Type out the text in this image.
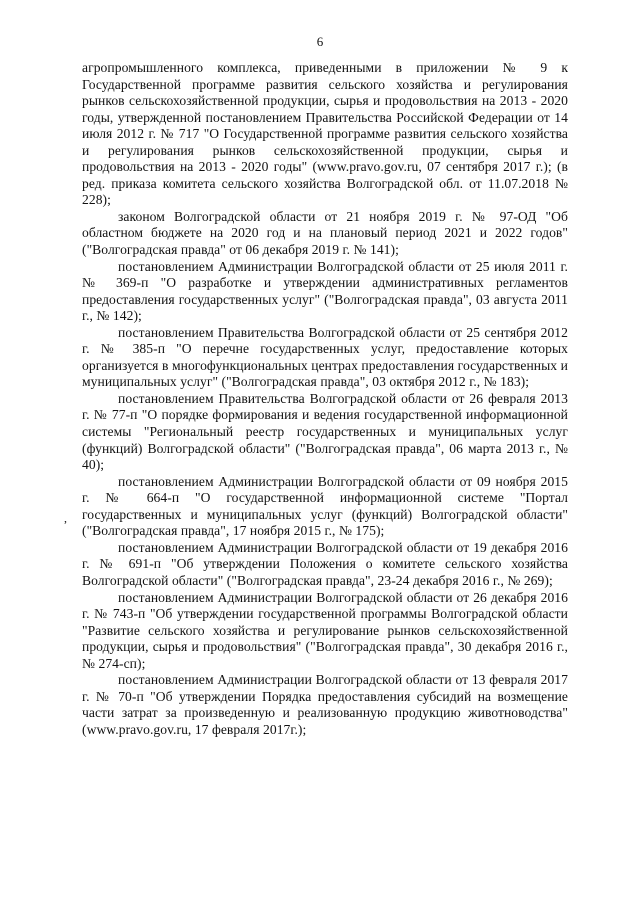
6
,

агропромышленного комплекса, приведенными в приложении № 9 к Государственной программе развития сельского хозяйства и регулирования рынков сельскохозяйственной продукции, сырья и продовольствия на 2013 - 2020 годы, утвержденной постановлением Правительства Российской Федерации от 14 июля 2012 г. № 717 "О Государственной программе развития сельского хозяйства и регулирования рынков сельскохозяйственной продукции, сырья и продовольствия на 2013 - 2020 годы" (www.pravo.gov.ru, 07 сентября 2017 г.); (в ред. приказа комитета сельского хозяйства Волгоградской обл. от 11.07.2018 № 228);

законом Волгоградской области от 21 ноября 2019 г. № 97-ОД "Об областном бюджете на 2020 год и на плановый период 2021 и 2022 годов" ("Волгоградская правда" от 06 декабря 2019 г. № 141);

постановлением Администрации Волгоградской области от 25 июля 2011 г. № 369-п "О разработке и утверждении административных регламентов предоставления государственных услуг" ("Волгоградская правда", 03 августа 2011 г., № 142);

постановлением Правительства Волгоградской области от 25 сентября 2012 г. № 385-п "О перечне государственных услуг, предоставление которых организуется в многофункциональных центрах предоставления государственных и муниципальных услуг" ("Волгоградская правда", 03 октября 2012 г., № 183);

постановлением Правительства Волгоградской области от 26 февраля 2013 г. № 77-п "О порядке формирования и ведения государственной информационной системы "Региональный реестр государственных и муниципальных услуг (функций) Волгоградской области" ("Волгоградская правда", 06 марта 2013 г., № 40);

постановлением Администрации Волгоградской области от 09 ноября 2015 г. № 664-п "О государственной информационной системе "Портал государственных и муниципальных услуг (функций) Волгоградской области" ("Волгоградская правда", 17 ноября 2015 г., № 175);

постановлением Администрации Волгоградской области от 19 декабря 2016 г. № 691-п "Об утверждении Положения о комитете сельского хозяйства Волгоградской области" ("Волгоградская правда", 23-24 декабря 2016 г., № 269);

постановлением Администрации Волгоградской области от 26 декабря 2016 г. № 743-п "Об утверждении государственной программы Волгоградской области "Развитие сельского хозяйства и регулирование рынков сельскохозяйственной продукции, сырья и продовольствия" ("Волгоградская правда", 30 декабря 2016 г., № 274-сп);

постановлением Администрации Волгоградской области от 13 февраля 2017 г. № 70-п "Об утверждении Порядка предоставления субсидий на возмещение части затрат за произведенную и реализованную продукцию животноводства" (www.pravo.gov.ru, 17 февраля 2017г.);
